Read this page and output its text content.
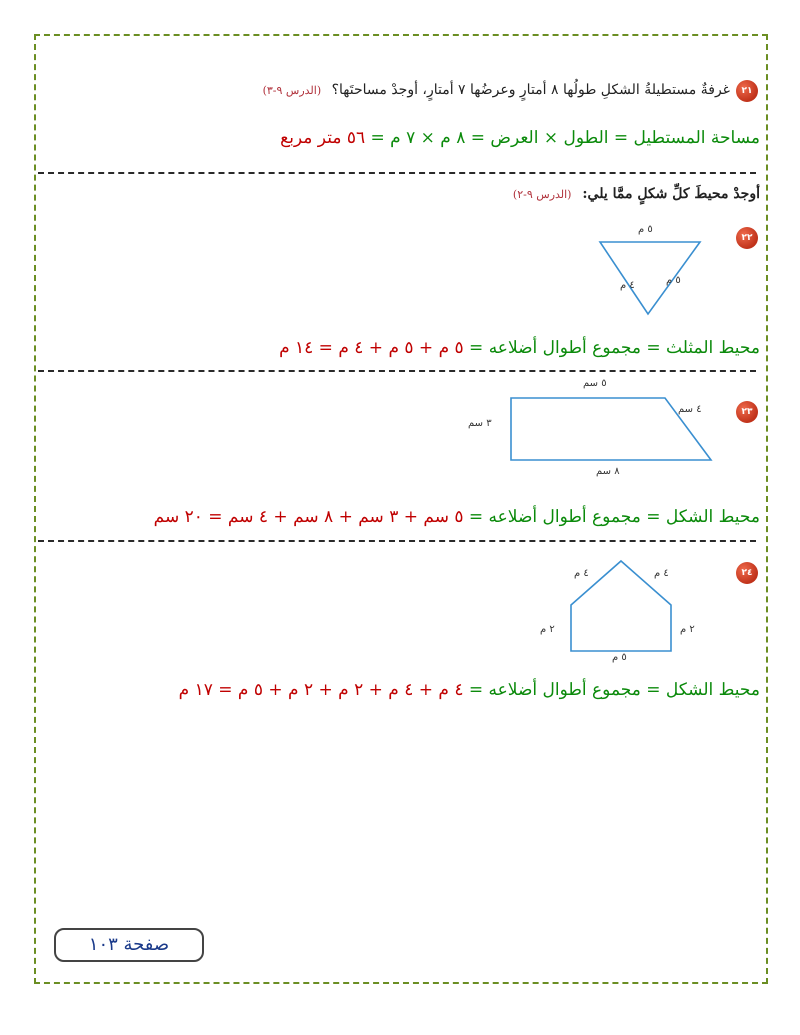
٢١
غرفةٌ مستطيلةُ الشكلِ طولُها ٨ أمتارٍ وعرضُها ٧ أمتارٍ، أوجدْ مساحتَها؟ (الدرس ٩-٣)
مساحة المستطيل = الطول × العرض = ٨ م × ٧ م = ٥٦ متر مربع
أوجدْ محيطَ كلِّ شكلٍ ممَّا يلي: (الدرس ٩-٢)
٢٢
٥ م
٥ م
٤ م
محيط المثلث = مجموع أطوال أضلاعه = ٥ م + ٥ م + ٤ م = ١٤ م
٢٣
٥ سم
٤ سم
٣ سم
٨ سم
محيط الشكل = مجموع أطوال أضلاعه = ٥ سم + ٣ سم + ٨ سم + ٤ سم = ٢٠ سم
٢٤
٤ م	٤ م
٢ م	٢ م
٥ م
محيط الشكل = مجموع أطوال أضلاعه = ٤ م + ٤ م + ٢ م + ٢ م + ٥ م = ١٧ م
صفحة ١٠٣
